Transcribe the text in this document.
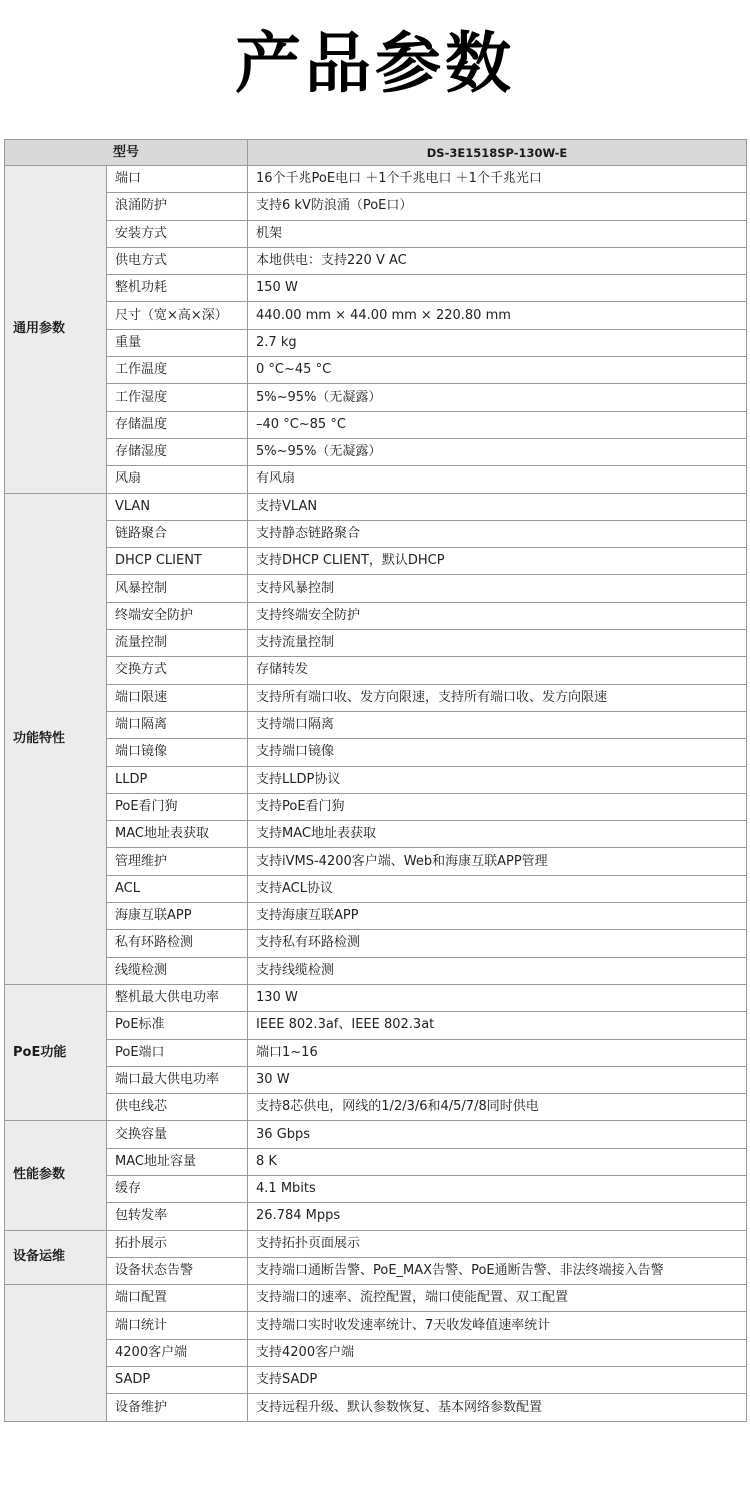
产品参数
型号		DS-3E1518SP-130W-E
通用参数	端口	16个千兆PoE电口 ＋1个千兆电口 ＋1个千兆光口
	浪涌防护	支持6 kV防浪涌（PoE口）
	安装方式	机架
	供电方式	本地供电：支持220 V AC
	整机功耗	150 W
	尺寸（宽×高×深）	440.00 mm × 44.00 mm × 220.80 mm
	重量	2.7 kg
	工作温度	0 °C~45 °C
	工作湿度	5%~95%（无凝露）
	存储温度	–40 °C~85 °C
	存储湿度	5%~95%（无凝露）
	风扇	有风扇
功能特性	VLAN	支持VLAN
	链路聚合	支持静态链路聚合
	DHCP CLIENT	支持DHCP CLIENT，默认DHCP
	风暴控制	支持风暴控制
	终端安全防护	支持终端安全防护
	流量控制	支持流量控制
	交换方式	存储转发
	端口限速	支持所有端口收、发方向限速，支持所有端口收、发方向限速
	端口隔离	支持端口隔离
	端口镜像	支持端口镜像
	LLDP	支持LLDP协议
	PoE看门狗	支持PoE看门狗
	MAC地址表获取	支持MAC地址表获取
	管理维护	支持iVMS-4200客户端、Web和海康互联APP管理
	ACL	支持ACL协议
	海康互联APP	支持海康互联APP
	私有环路检测	支持私有环路检测
	线缆检测	支持线缆检测
PoE功能	整机最大供电功率	130 W
	PoE标准	IEEE 802.3af、IEEE 802.3at
	PoE端口	端口1~16
	端口最大供电功率	30 W
	供电线芯	支持8芯供电，网线的1/2/3/6和4/5/7/8同时供电
性能参数	交换容量	36 Gbps
	MAC地址容量	8 K
	缓存	4.1 Mbits
	包转发率	26.784 Mpps
设备运维	拓扑展示	支持拓扑页面展示
	设备状态告警	支持端口通断告警、PoE_MAX告警、PoE通断告警、非法终端接入告警
	端口配置	支持端口的速率、流控配置，端口使能配置、双工配置
	端口统计	支持端口实时收发速率统计、7天收发峰值速率统计
	4200客户端	支持4200客户端
	SADP	支持SADP
	设备维护	支持远程升级、默认参数恢复、基本网络参数配置
